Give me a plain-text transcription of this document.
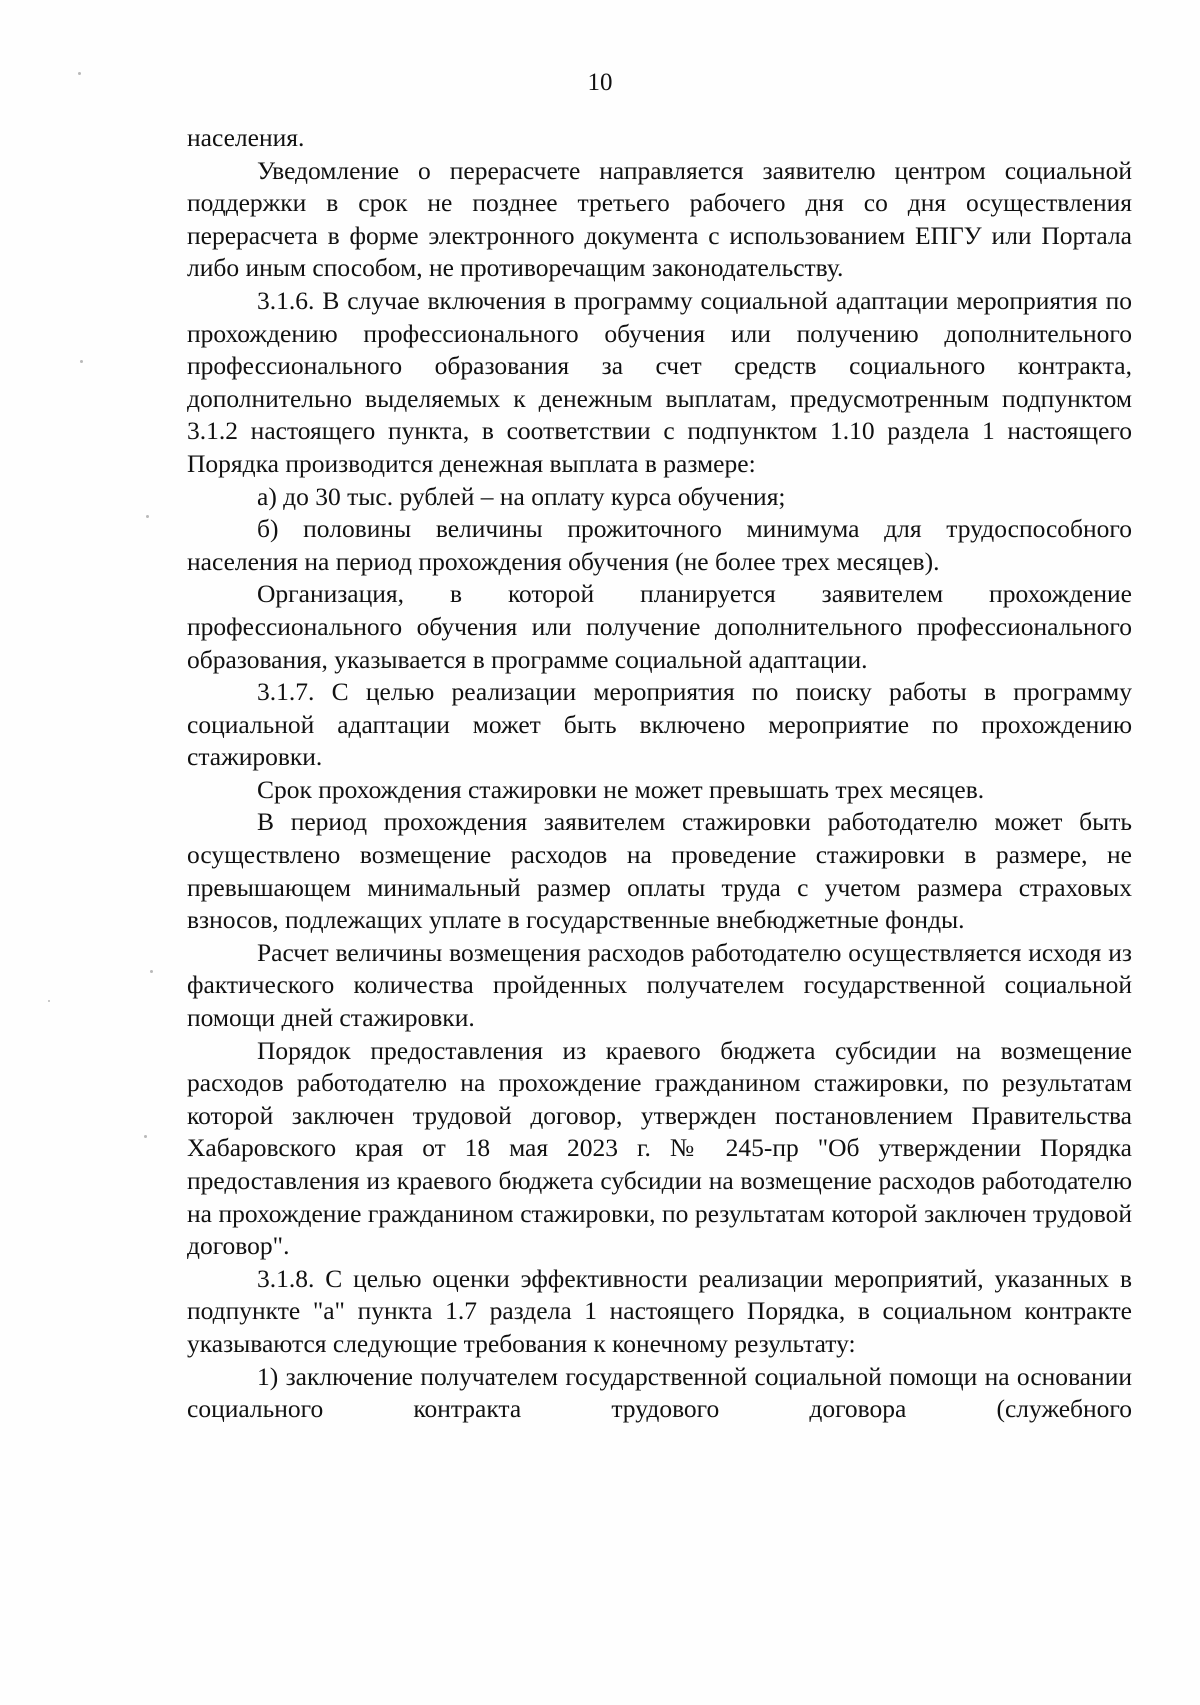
10

населения.

Уведомление о перерасчете направляется заявителю центром социальной поддержки в срок не позднее третьего рабочего дня со дня осуществления перерасчета в форме электронного документа с использованием ЕПГУ или Портала либо иным способом, не противоречащим законодательству.

3.1.6. В случае включения в программу социальной адаптации мероприятия по прохождению профессионального обучения или получению дополнительного профессионального образования за счет средств социального контракта, дополнительно выделяемых к денежным выплатам, предусмотренным подпунктом 3.1.2 настоящего пункта, в соответствии с подпунктом 1.10 раздела 1 настоящего Порядка производится денежная выплата в размере:

а) до 30 тыс. рублей – на оплату курса обучения;

б) половины величины прожиточного минимума для трудоспособного населения на период прохождения обучения (не более трех месяцев).

Организация, в которой планируется заявителем прохождение профессионального обучения или получение дополнительного профессионального образования, указывается в программе социальной адаптации.

3.1.7. С целью реализации мероприятия по поиску работы в программу социальной адаптации может быть включено мероприятие по прохождению стажировки.

Срок прохождения стажировки не может превышать трех месяцев.

В период прохождения заявителем стажировки работодателю может быть осуществлено возмещение расходов на проведение стажировки в размере, не превышающем минимальный размер оплаты труда с учетом размера страховых взносов, подлежащих уплате в государственные внебюджетные фонды.

Расчет величины возмещения расходов работодателю осуществляется исходя из фактического количества пройденных получателем государственной социальной помощи дней стажировки.

Порядок предоставления из краевого бюджета субсидии на возмещение расходов работодателю на прохождение гражданином стажировки, по результатам которой заключен трудовой договор, утвержден постановлением Правительства Хабаровского края от 18 мая 2023 г. № 245-пр "Об утверждении Порядка предоставления из краевого бюджета субсидии на возмещение расходов работодателю на прохождение гражданином стажировки, по результатам которой заключен трудовой договор".

3.1.8. С целью оценки эффективности реализации мероприятий, указанных в подпункте "а" пункта 1.7 раздела 1 настоящего Порядка, в социальном контракте указываются следующие требования к конечному результату:

1) заключение получателем государственной социальной помощи на основании социального контракта трудового договора (служебного
